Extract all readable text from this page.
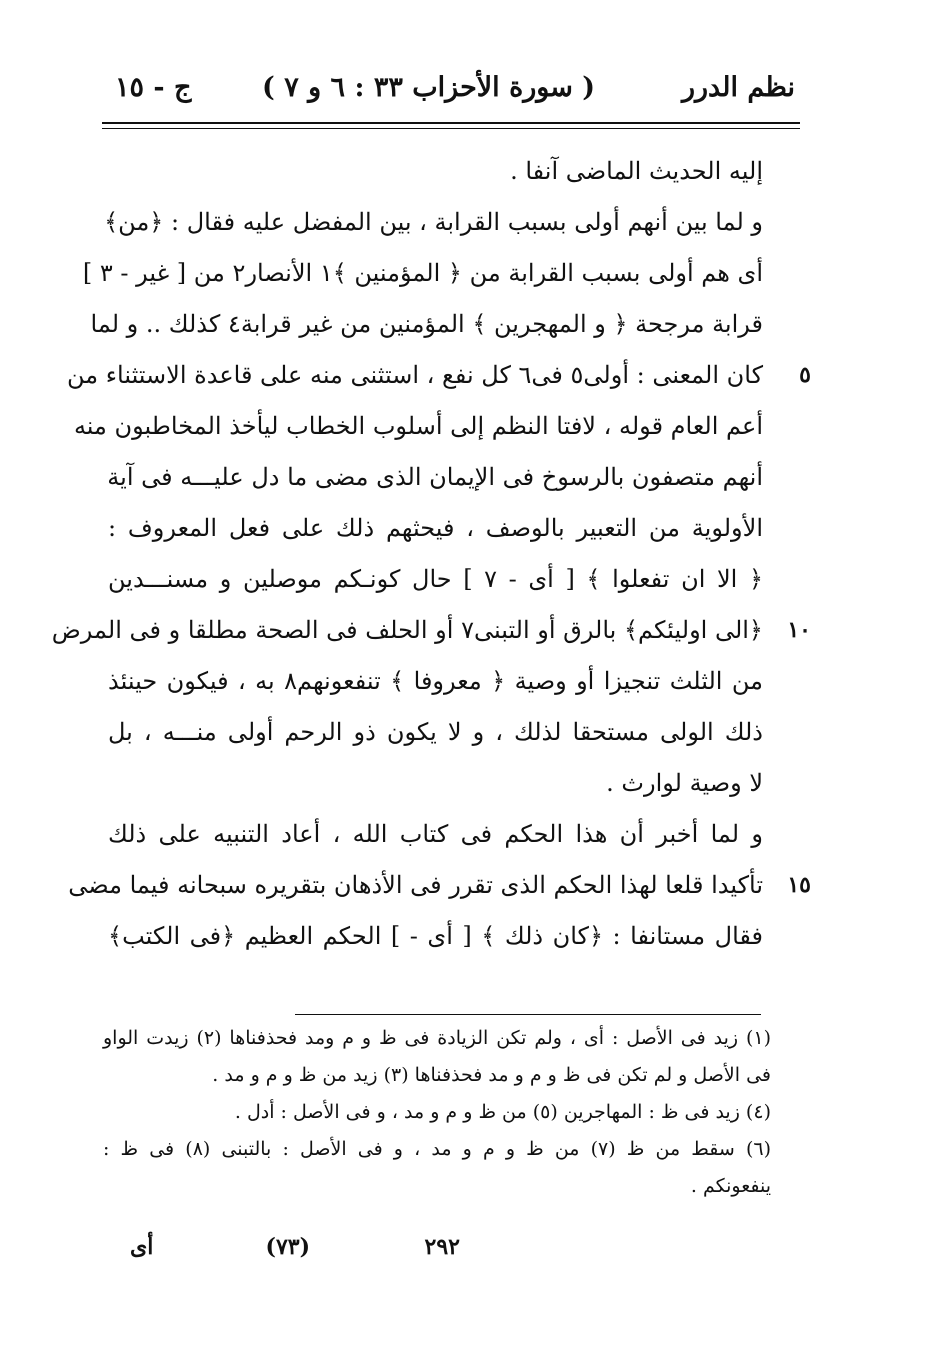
نظم الدرر
( سورة الأحزاب ٣٣ : ٦ و ٧ )
ج - ١٥
إليه الحديث الماضى آنفا .
و لما بين أنهم أولى بسبب القرابة ، بين المفضل عليه فقال : ﴿من﴾
أى هم أولى بسبب القرابة من ﴿ المؤمنين ﴾١ الأنصار٢ من [ غير - ٣ ]
قرابة مرجحة ﴿ و المهجرين ﴾ المؤمنين من غير قرابة٤ كذلك .. و لما
كان المعنى : أولى٥ فى٦ كل نفع ، استثنى منه على قاعدة الاستثناء من ٥
أعم العام قوله ، لافتا النظم إلى أسلوب الخطاب ليأخذ المخاطبون منه
أنهم متصفون بالرسوخ فى الإيمان الذى مضى ما دل عليـــه فى آية
الأولوية من التعبير بالوصف ، فيحثهم ذلك على فعل المعروف :
﴿ الا ان تفعلوا ﴾ [ أى - ٧ ] حال كونـكم موصلين و مسنـــدين
﴿الى اوليئكم﴾ بالرق أو التبنى٧ أو الحلف فى الصحة مطلقا و فى المرض ١٠
من الثلث تنجيزا أو وصية ﴿ معروفا ﴾ تنفعونهم٨ به ، فيكون حينئذ
ذلك الولى مستحقا لذلك ، و لا يكون ذو الرحم أولى منـــه ، بل
لا وصية لوارث .
و لما أخبر أن هذا الحكم فى كتاب الله ، أعاد التنبيه على ذلك
تأكيدا قلعا لهذا الحكم الذى تقرر فى الأذهان بتقريره سبحانه فيما مضى ١٥
فقال مستانفا : ﴿كان ذلك ﴾ [ أى - ] الحكم العظيم ﴿فى الكتب﴾
(١) زيد فى الأصل : أى ، ولم تكن الزيادة فى ظ و م ومد فحذفناها (٢) زيدت الواو
فى الأصل و لم تكن فى ظ و م و مد فحذفناها (٣) زيد من ظ و م و مد .
(٤) زيد فى ظ : المهاجرين (٥) من ظ و م و مد ، و فى الأصل : أدل .
(٦) سقط من ظ (٧) من ظ و م و مد ، و فى الأصل : بالتبنى (٨) فى ظ :
ينفعونكم .
٢٩٢
(٧٣)
أى
